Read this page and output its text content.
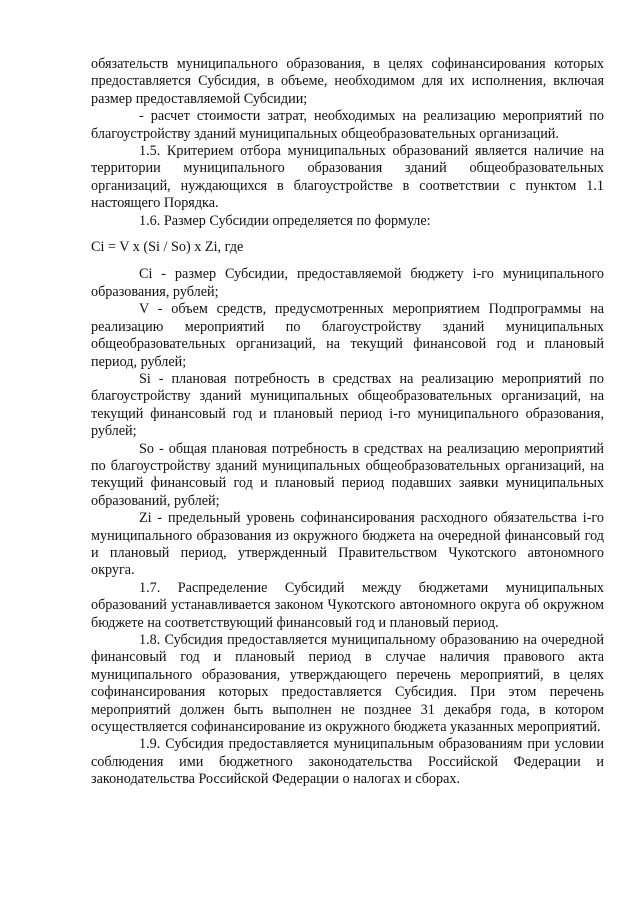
обязательств муниципального образования, в целях софинансирования которых предоставляется Субсидия, в объеме, необходимом для их исполнения, включая размер предоставляемой Субсидии;

- расчет стоимости затрат, необходимых на реализацию мероприятий по благоустройству зданий муниципальных общеобразовательных организаций.

1.5. Критерием отбора муниципальных образований является наличие на территории муниципального образования зданий общеобразовательных организаций, нуждающихся в благоустройстве в соответствии с пунктом 1.1 настоящего Порядка.

1.6. Размер Субсидии определяется по формуле:

Ci = V x (Si / So) x Zi, где

Ci - размер Субсидии, предоставляемой бюджету i-го муниципального образования, рублей;

V - объем средств, предусмотренных мероприятием Подпрограммы на реализацию мероприятий по благоустройству зданий муниципальных общеобразовательных организаций, на текущий финансовой год и плановый период, рублей;

Si - плановая потребность в средствах на реализацию мероприятий по благоустройству зданий муниципальных общеобразовательных организаций, на текущий финансовый год и плановый период i-го муниципального образования, рублей;

So - общая плановая потребность в средствах на реализацию мероприятий по благоустройству зданий муниципальных общеобразовательных организаций, на текущий финансовый год и плановый период подавших заявки муниципальных образований, рублей;

Zi - предельный уровень софинансирования расходного обязательства i-го муниципального образования из окружного бюджета на очередной финансовый год и плановый период, утвержденный Правительством Чукотского автономного округа.

1.7. Распределение Субсидий между бюджетами муниципальных образований устанавливается законом Чукотского автономного округа об окружном бюджете на соответствующий финансовый год и плановый период.

1.8. Субсидия предоставляется муниципальному образованию на очередной финансовый год и плановый период в случае наличия правового акта муниципального образования, утверждающего перечень мероприятий, в целях софинансирования которых предоставляется Субсидия. При этом перечень мероприятий должен быть выполнен не позднее 31 декабря года, в котором осуществляется софинансирование из окружного бюджета указанных мероприятий.

1.9. Субсидия предоставляется муниципальным образованиям при условии соблюдения ими бюджетного законодательства Российской Федерации и законодательства Российской Федерации о налогах и сборах.
